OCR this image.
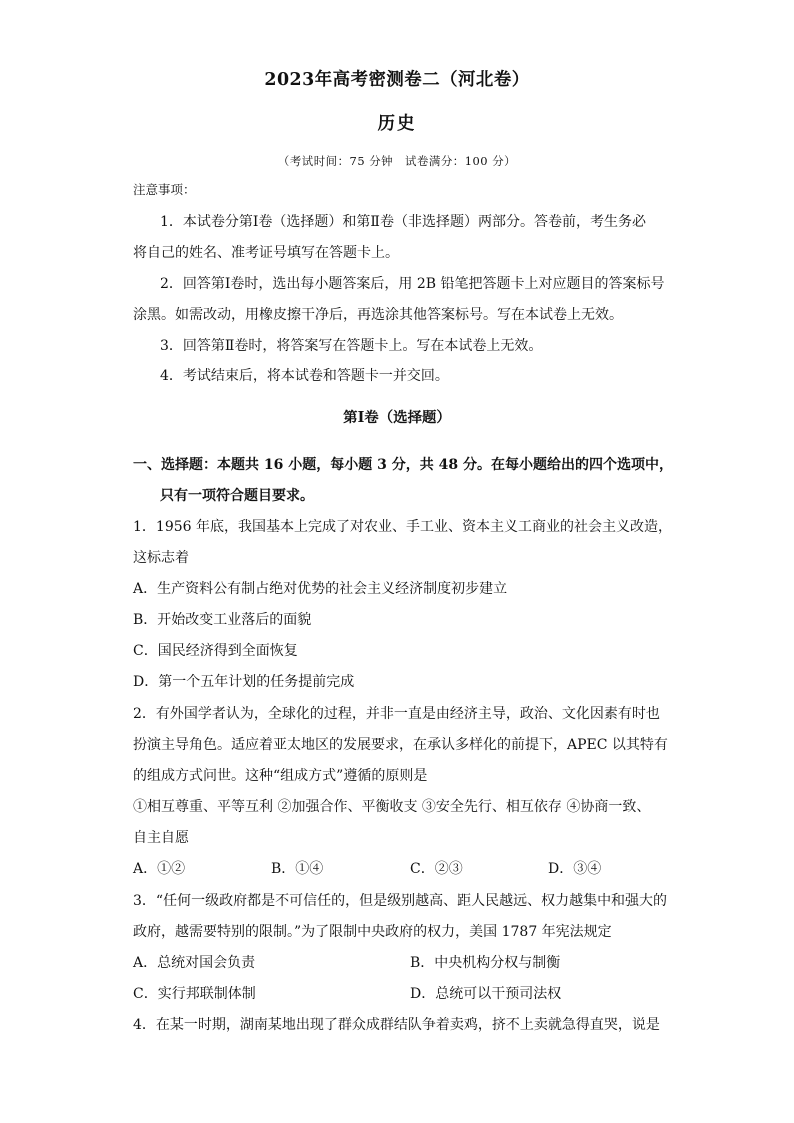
2023年高考密测卷二（河北卷）
历史
（考试时间：75 分钟　试卷满分：100 分）
注意事项：
1．本试卷分第Ⅰ卷（选择题）和第Ⅱ卷（非选择题）两部分。答卷前，考生务必
将自己的姓名、准考证号填写在答题卡上。
2．回答第Ⅰ卷时，选出每小题答案后，用 2B 铅笔把答题卡上对应题目的答案标号
涂黑。如需改动，用橡皮擦干净后，再选涂其他答案标号。写在本试卷上无效。
3．回答第Ⅱ卷时，将答案写在答题卡上。写在本试卷上无效。
4．考试结束后，将本试卷和答题卡一并交回。
第Ⅰ卷（选择题）
一、选择题：本题共 16 小题，每小题 3 分，共 48 分。在每小题给出的四个选项中，
只有一项符合题目要求。
1．1956 年底，我国基本上完成了对农业、手工业、资本主义工商业的社会主义改造，
这标志着
A．生产资料公有制占绝对优势的社会主义经济制度初步建立
B．开始改变工业落后的面貌
C．国民经济得到全面恢复
D．第一个五年计划的任务提前完成
2．有外国学者认为，全球化的过程，并非一直是由经济主导，政治、文化因素有时也
扮演主导角色。适应着亚太地区的发展要求，在承认多样化的前提下，APEC 以其特有
的组成方式问世。这种“组成方式”遵循的原则是
①相互尊重、平等互利 ②加强合作、平衡收支 ③安全先行、相互依存 ④协商一致、
自主自愿
A．①②	B．①④	C．②③	D．③④
3．“任何一级政府都是不可信任的，但是级别越高、距人民越远、权力越集中和强大的
政府，越需要特别的限制。”为了限制中央政府的权力，美国 1787 年宪法规定
A．总统对国会负责	B．中央机构分权与制衡
C．实行邦联制体制	D．总统可以干预司法权
4．在某一时期，湖南某地出现了群众成群结队争着卖鸡，挤不上卖就急得直哭，说是
